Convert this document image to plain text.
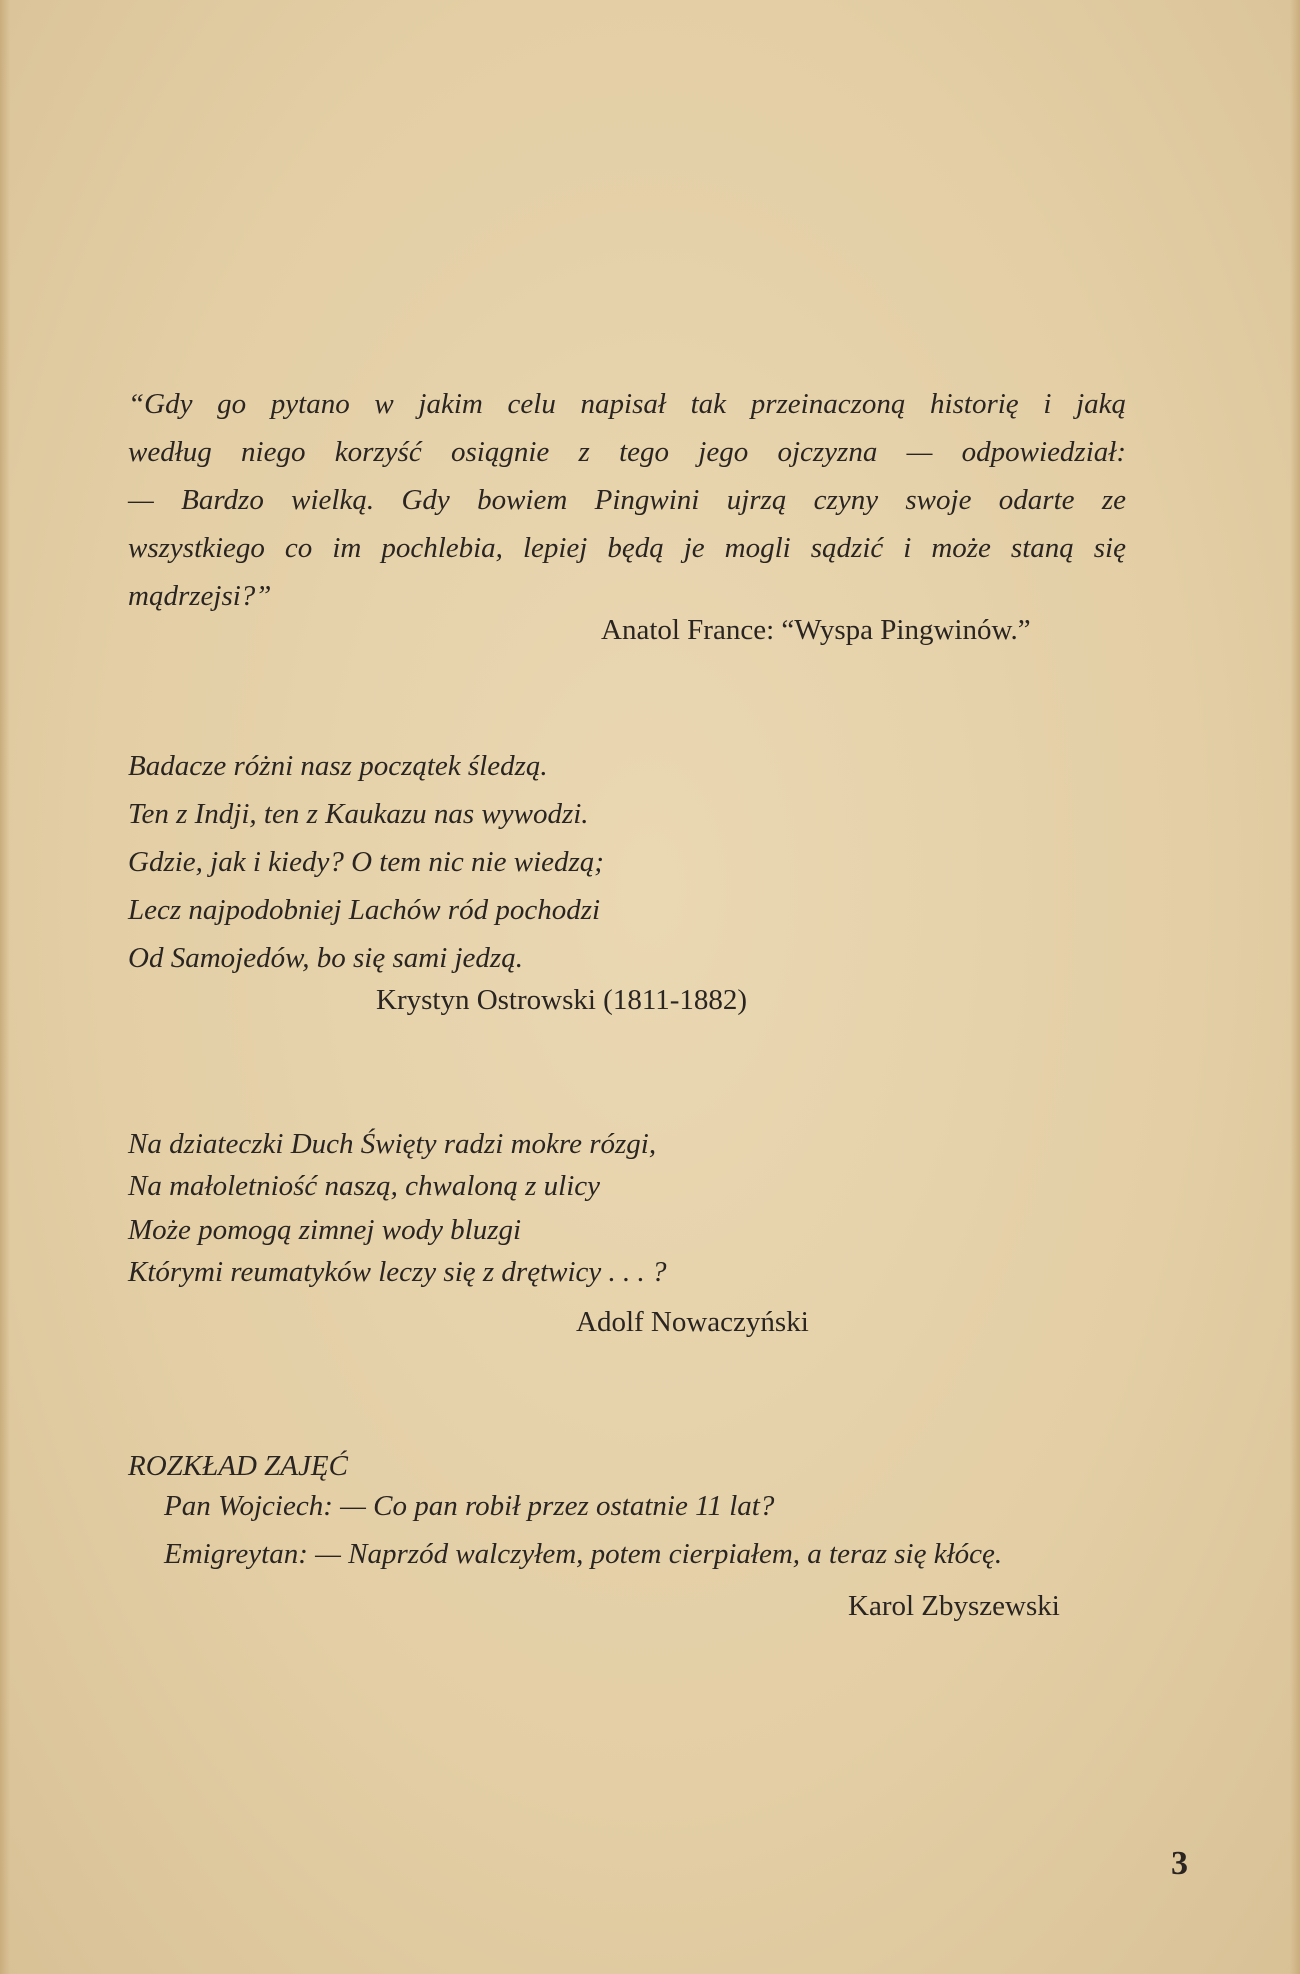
“Gdy go pytano w jakim celu napisał tak przeinaczoną historię i jaką
według niego korzyść osiągnie z tego jego ojczyzna — odpowiedział:
— Bardzo wielką. Gdy bowiem Pingwini ujrzą czyny swoje odarte ze
wszystkiego co im pochlebia, lepiej będą je mogli sądzić i może staną się
mądrzejsi?”
Anatol France: “Wyspa Pingwinów.”
Badacze różni nasz początek śledzą.
Ten z Indji, ten z Kaukazu nas wywodzi.
Gdzie, jak i kiedy? O tem nic nie wiedzą;
Lecz najpodobniej Lachów ród pochodzi
Od Samojedów, bo się sami jedzą.
Krystyn Ostrowski (1811-1882)
Na dziateczki Duch Święty radzi mokre rózgi,
Na małoletniość naszą, chwaloną z ulicy
Może pomogą zimnej wody bluzgi
Którymi reumatyków leczy się z drętwicy . . . ?
Adolf Nowaczyński
ROZKŁAD ZAJĘĆ
Pan Wojciech: — Co pan robił przez ostatnie 11 lat?
Emigreytan: — Naprzód walczyłem, potem cierpiałem, a teraz się kłócę.
Karol Zbyszewski
3
